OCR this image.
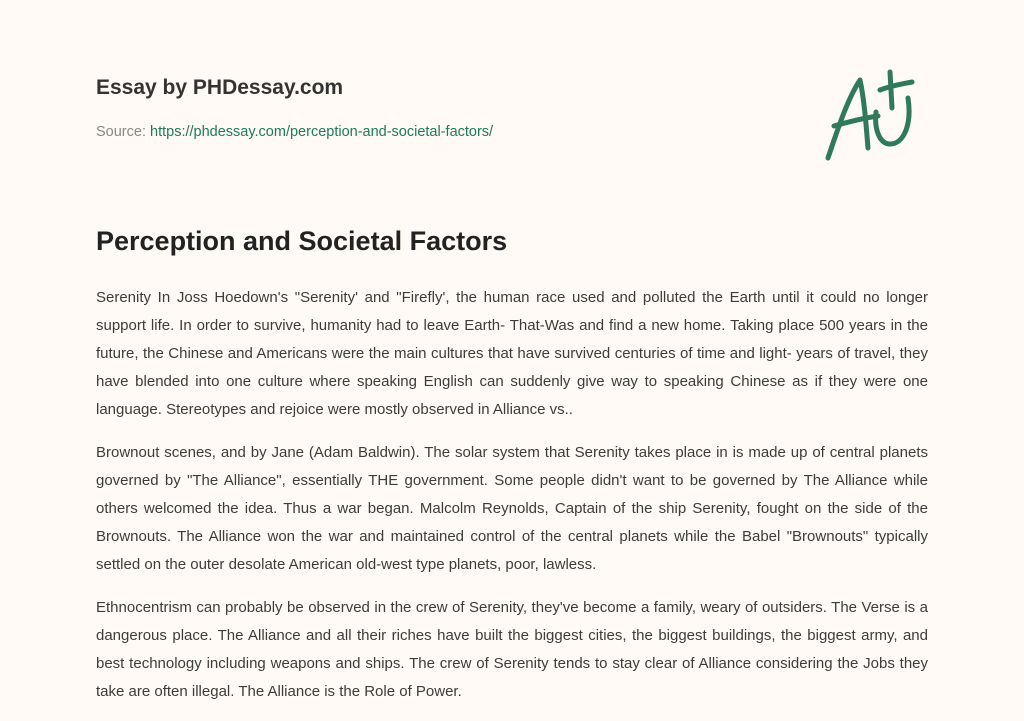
Essay by PHDessay.com
Source: https://phdessay.com/perception-and-societal-factors/
Perception and Societal Factors

Serenity In Joss Hoedown's "Serenity' and "Firefly', the human race used and polluted the Earth until it could no longer support life. In order to survive, humanity had to leave Earth- That-Was and find a new home. Taking place 500 years in the future, the Chinese and Americans were the main cultures that have survived centuries of time and light- years of travel, they have blended into one culture where speaking English can suddenly give way to speaking Chinese as if they were one language. Stereotypes and rejoice were mostly observed in Alliance vs..

Brownout scenes, and by Jane (Adam Baldwin). The solar system that Serenity takes place in is made up of central planets governed by "The Alliance", essentially THE government. Some people didn't want to be governed by The Alliance while others welcomed the idea. Thus a war began. Malcolm Reynolds, Captain of the ship Serenity, fought on the side of the Brownouts. The Alliance won the war and maintained control of the central planets while the Babel "Brownouts" typically settled on the outer desolate American old-west type planets, poor, lawless.

Ethnocentrism can probably be observed in the crew of Serenity, they've become a family, weary of outsiders. The Verse is a dangerous place. The Alliance and all their riches have built the biggest cities, the biggest buildings, the biggest army, and best technology including weapons and ships. The crew of Serenity tends to stay clear of Alliance considering the Jobs they take are often illegal. The Alliance is the Role of Power.
